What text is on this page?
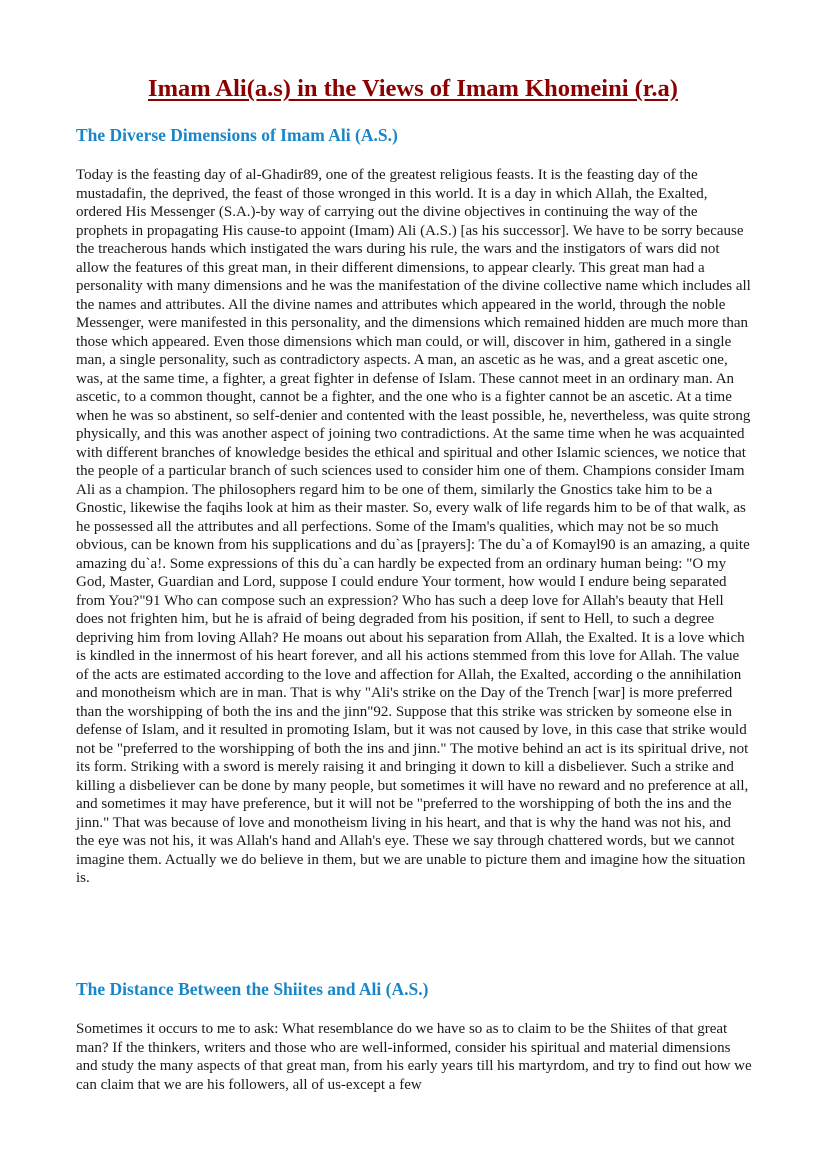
Imam Ali(a.s) in the Views of Imam Khomeini (r.a)
The Diverse Dimensions of Imam Ali (A.S.)

Today is the feasting day of al-Ghadir89, one of the greatest religious feasts. It is the feasting day of the mustadafin, the deprived, the feast of those wronged in this world. It is a day in which Allah, the Exalted, ordered His Messenger (S.A.)-by way of carrying out the divine objectives in continuing the way of the prophets in propagating His cause-to appoint (Imam) Ali (A.S.) [as his successor]. We have to be sorry because the treacherous hands which instigated the wars during his rule, the wars and the instigators of wars did not allow the features of this great man, in their different dimensions, to appear clearly. This great man had a personality with many dimensions and he was the manifestation of the divine collective name which includes all the names and attributes. All the divine names and attributes which appeared in the world, through the noble Messenger, were manifested in this personality, and the dimensions which remained hidden are much more than those which appeared. Even those dimensions which man could, or will, discover in him, gathered in a single man, a single personality, such as contradictory aspects. A man, an ascetic as he was, and a great ascetic one, was, at the same time, a fighter, a great fighter in defense of Islam. These cannot meet in an ordinary man. An ascetic, to a common thought, cannot be a fighter, and the one who is a fighter cannot be an ascetic. At a time when he was so abstinent, so self-denier and contented with the least possible, he, nevertheless, was quite strong physically, and this was another aspect of joining two contradictions. At the same time when he was acquainted with different branches of knowledge besides the ethical and spiritual and other Islamic sciences, we notice that the people of a particular branch of such sciences used to consider him one of them. Champions consider Imam Ali as a champion. The philosophers regard him to be one of them, similarly the Gnostics take him to be a Gnostic, likewise the faqihs look at him as their master. So, every walk of life regards him to be of that walk, as he possessed all the attributes and all perfections. Some of the Imam's qualities, which may not be so much obvious, can be known from his supplications and du`as [prayers]: The du`a of Komayl90 is an amazing, a quite amazing du`a!. Some expressions of this du`a can hardly be expected from an ordinary human being: "O my God, Master, Guardian and Lord, suppose I could endure Your torment, how would I endure being separated from You?"91 Who can compose such an expression? Who has such a deep love for Allah's beauty that Hell does not frighten him, but he is afraid of being degraded from his position, if sent to Hell, to such a degree depriving him from loving Allah? He moans out about his separation from Allah, the Exalted. It is a love which is kindled in the innermost of his heart forever, and all his actions stemmed from this love for Allah. The value of the acts are estimated according to the love and affection for Allah, the Exalted, according o the annihilation and monotheism which are in man. That is why "Ali's strike on the Day of the Trench [war] is more preferred than the worshipping of both the ins and the jinn"92. Suppose that this strike was stricken by someone else in defense of Islam, and it resulted in promoting Islam, but it was not caused by love, in this case that strike would not be "preferred to the worshipping of both the ins and jinn." The motive behind an act is its spiritual drive, not its form. Striking with a sword is merely raising it and bringing it down to kill a disbeliever. Such a strike and killing a disbeliever can be done by many people, but sometimes it will have no reward and no preference at all, and sometimes it may have preference, but it will not be "preferred to the worshipping of both the ins and the jinn." That was because of love and monotheism living in his heart, and that is why the hand was not his, and the eye was not his, it was Allah's hand and Allah's eye. These we say through chattered words, but we cannot imagine them. Actually we do believe in them, but we are unable to picture them and imagine how the situation is.

The Distance Between the Shiites and Ali (A.S.)

Sometimes it occurs to me to ask: What resemblance do we have so as to claim to be the Shiites of that great man? If the thinkers, writers and those who are well-informed, consider his spiritual and material dimensions and study the many aspects of that great man, from his early years till his martyrdom, and try to find out how we can claim that we are his followers, all of us-except a few
